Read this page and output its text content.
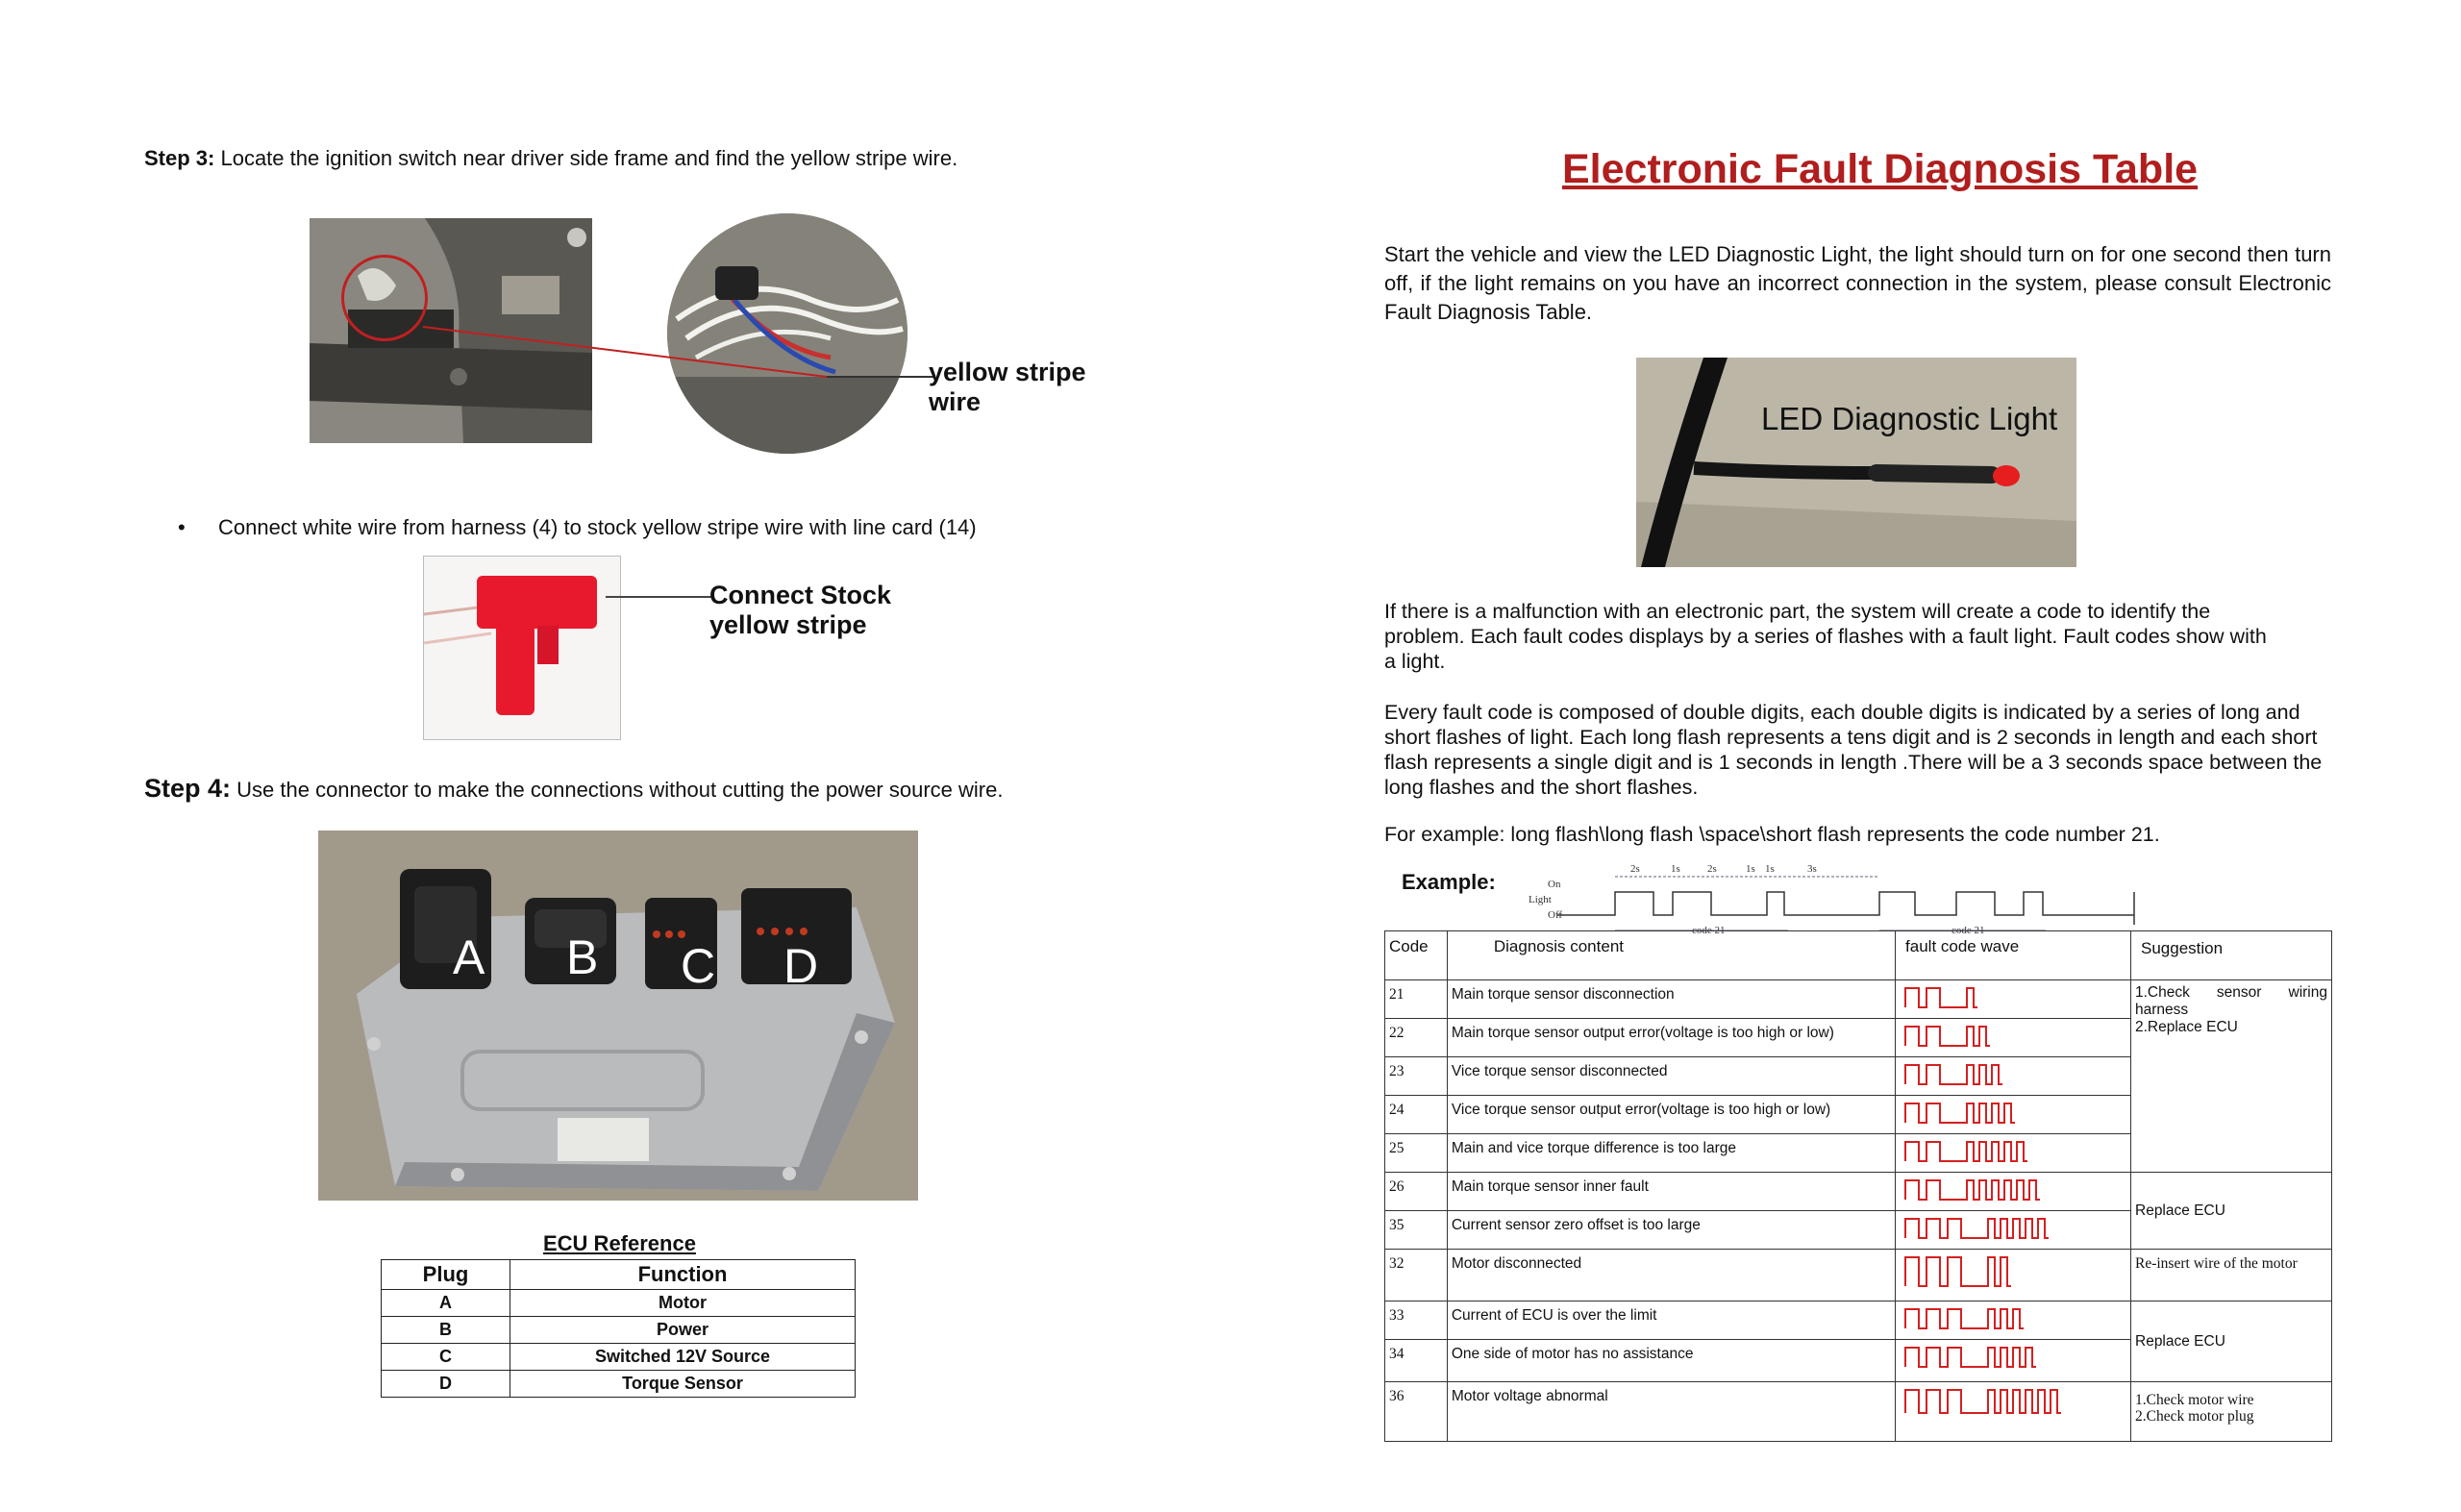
Step 3: Locate the ignition switch near driver side frame and find the yellow stripe wire.
yellow stripe
wire
• Connect white wire from harness (4) to stock yellow stripe wire with line card (14)
Connect Stock
yellow stripe
Step 4: Use the connector to make the connections without cutting the power source wire.
A B C D
ECU Reference
Plug	Function
A	Motor
B	Power
C	Switched 12V Source
D	Torque Sensor
Electronic Fault Diagnosis Table
Start the vehicle and view the LED Diagnostic Light, the light should turn on for one second then turn off, if the light remains on you have an incorrect connection in the system, please consult Electronic Fault Diagnosis Table.
LED Diagnostic Light
If there is a malfunction with an electronic part, the system will create a code to identify the problem. Each fault codes displays by a series of flashes with a fault light. Fault codes show with a light.
Every fault code is composed of double digits, each double digits is indicated by a series of long and short flashes of light. Each long flash represents a tens digit and is 2 seconds in length and each short flash represents a single digit and is 1 seconds in length .There will be a 3 seconds space between the long flashes and the short flashes.
For example: long flash\long flash \space\short flash represents the code number 21.
Example:	On
Light
Off
2s	1s	2s	1s 1s	3s
code 21	code 21
Code	Diagnosis content	fault code wave	Suggestion
21	Main torque sensor disconnection		1.Check sensor wiring harness
2.Replace ECU

22	Main torque sensor output error(voltage is too high or low)	
23	Vice torque sensor disconnected	
24	Vice torque sensor output error(voltage is too high or low)	
25	Main and vice torque difference is too large	
26	Main torque sensor inner fault		Replace ECU

35	Current sensor zero offset is too large	
32	Motor disconnected		Re-insert wire of the motor

33	Current of ECU is over the limit		Replace ECU

34	One side of motor has no assistance	
36	Motor voltage abnormal		1.Check motor wire
2.Check motor plug
